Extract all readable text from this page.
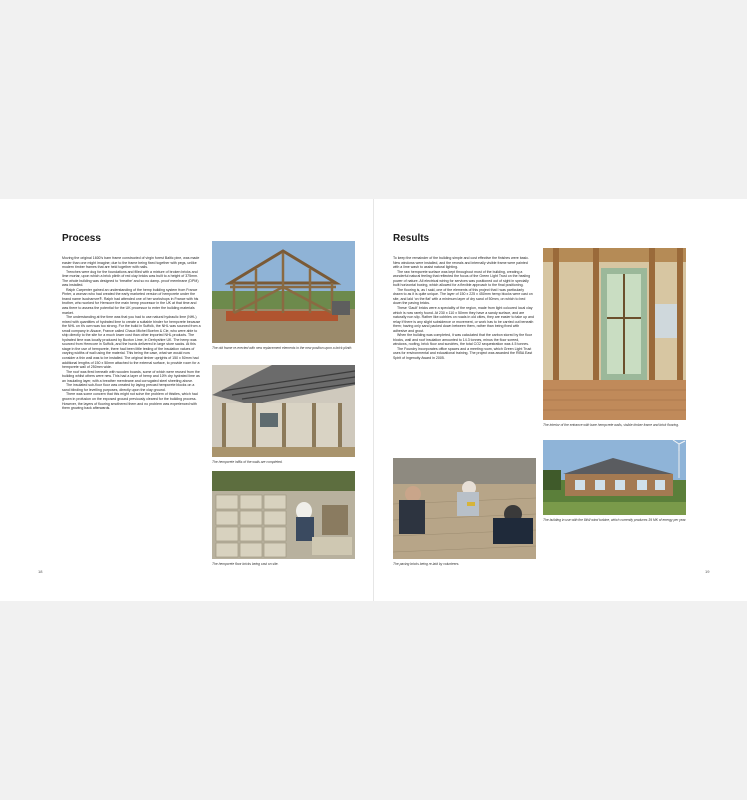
Process

Moving the original 1600’s barn frame constructed of virgin forest Baltic pine, was made easier than one might imagine; due to the frame being fixed together with pegs, unlike modern timber frames that are held together with nails.

Trenches were dug for the foundations and filled with a mixture of broken bricks and lime mortar, upon which a brick plinth of red clay bricks was built to a height of 375mm. The whole building was designed to ‘breathe’ and so no damp- proof membrane (DPM) was installed.

Ralph Carpenter gained an understanding of the hemp building system from France Pinter, a woman who had created the early marketed version of hempcrete under the brand name Isochanvre®. Ralph had attended one of her workshops in France with his brother, who worked for Hemcore the main hemp processor in the UK at that time and was there to assess the potential for the UK processor to enter the building materials market.

The understanding at the time was that you had to use natural hydraulic lime (NHL) mixed with quantities of hydrated lime to create a suitable binder for hempcrete because the NHL on it’s own was too strong. For the build in Suffolk, the NHL was sourced from a small company in Alsace, France called Chaux Michel Boehm & Cie, who were able to ship directly to the site for a much lower cost than other imported NHL products. The hydrated lime was locally produced by Buxton Lime, in Derbyshire UK. The hemp was sourced from Hemcore in Suffolk, and the hurds delivered in large store sacks. At this stage in the use of hempcrete, there had been little testing of the insulation values of varying widths of wall using the material. This being the case, what we would now consider a thin wall was to be installed. The original timber uprights of 150 x 50mm had additional lengths of 150 x 50mm attached to the external surface, to provide room for a hempcrete wall of 250mm wide.

The roof was fired beneath with wooden boards, some of which were reused from the building whilst others were new. This had a layer of hemp and 10% dry hydrated lime as an insulating layer, with a breather membrane and corrugated steel sheeting above.

The insulated sub-floor floor was created by laying precast hempcrete blocks on a sand blinding for levelling purposes, directly upon the clay ground.

There was some concern that this might not solve the problem of thistles, which had grown in profusion on the exposed ground previously cleared for the building process. However, the layers of flooring smothered them and no problem was experienced with them growing back afterwards.

The old frame re-erected with new replacement elements in the new position upon a brick plinth.
The hempcrete infills of the walls are completed.
The hempcrete floor bricks being cast on site.
18
Results

To keep the remainder of the building simple and cost effective the finishes were basic. New windows were installed, and the reveals and internally visible frame were painted with a lime wash to assist natural lighting.

The raw hempcrete surface was kept throughout most of the building, creating a wonderful natural feeling that reflected the focus of the Green Light Trust on the healing power of nature. All electrical wiring for services was positioned out of sight in specially built horizontal boxing, which allowed for a flexible approach to the final positioning.

The flooring is, as I said, one of the elements of this project that I was particularly drawn to as it is quite unique. The layer of 150 x 225 x 450mm hemp blocks were cast on site, and laid ‘on the flat’ with a minimum layer of dry sand of 50mm, on which to bed down the paving bricks.

These ‘Gault’ bricks were a speciality of the region, made from light coloured local clay which is now rarely found. At 230 x 110 x 50mm they have a sandy surface, and are naturally non slip. Rather like cobbles on roads in old cities, they are easier to take up and relay if there is any slight subsidence or movement, or work has to be carried out beneath them; having only sand packed down between them, rather than being fixed with adhesive and grout.

When the building was completed, it was calculated that the carbon stored by the floor blocks, wall and roof insulation amounted to 14.3 tonnes, minus the floor screed, windows, roofing, brick floor and sundries, the total CO2 sequestration was 4.5 tonnes.

The Foundry incorporates office spaces and a meeting room, which Green Light Trust uses for environmental and educational training. The project was awarded the RIBA East Spirit of Ingenuity Award in 2005.

The interior of the entrance with bare hempcrete walls, visible timber frame and brick flooring.
The paving bricks being re-laid by volunteers.
The building in use with the 8kW wind turbine, which currently produces 39 MK of energy per year.
19
